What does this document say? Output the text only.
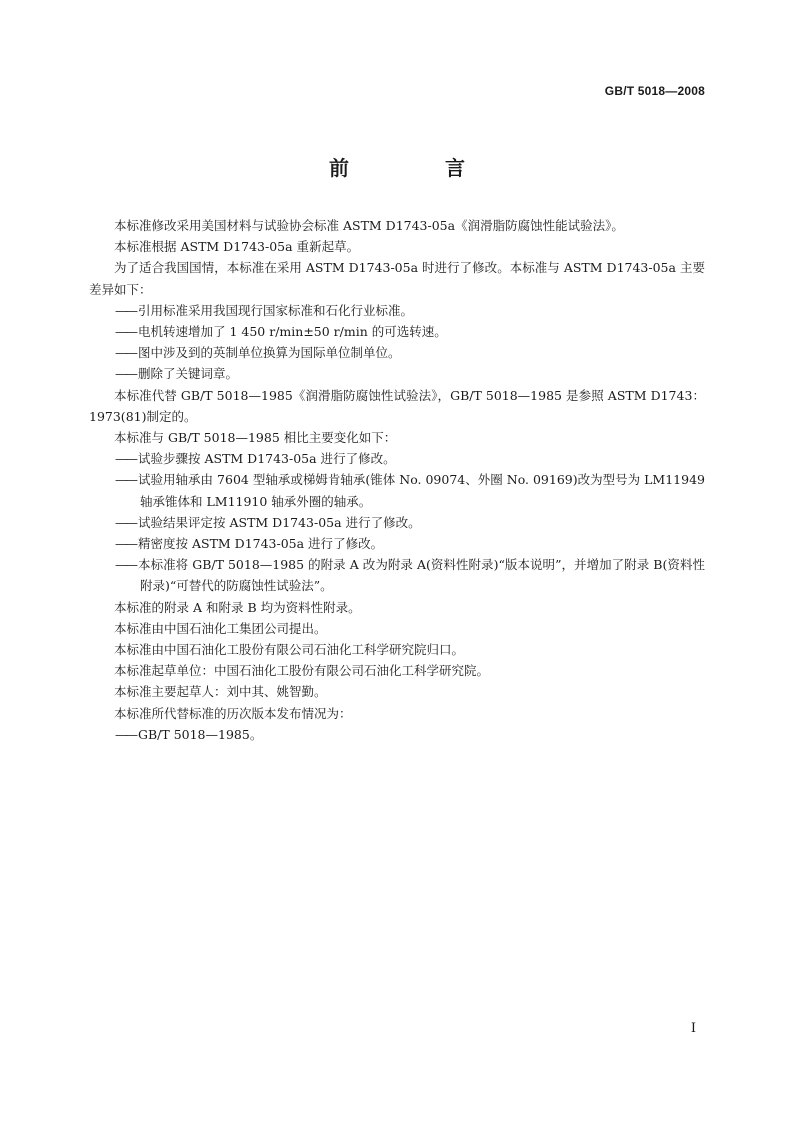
GB/T 5018—2008
前　言

本标准修改采用美国材料与试验协会标准 ASTM D1743-05a《润滑脂防腐蚀性能试验法》。

本标准根据 ASTM D1743-05a 重新起草。

为了适合我国国情，本标准在采用 ASTM D1743-05a 时进行了修改。本标准与 ASTM D1743-05a 主要差异如下：

—— 引用标准采用我国现行国家标准和石化行业标准。

—— 电机转速增加了 1 450 r/min±50 r/min 的可选转速。

—— 图中涉及到的英制单位换算为国际单位制单位。

—— 删除了关键词章。

本标准代替 GB/T 5018—1985《润滑脂防腐蚀性试验法》，GB/T 5018—1985 是参照 ASTM D1743：1973(81)制定的。

本标准与 GB/T 5018—1985 相比主要变化如下：

—— 试验步骤按 ASTM D1743-05a 进行了修改。

—— 试验用轴承由 7604 型轴承或梯姆肯轴承(锥体 No. 09074、外圈 No. 09169)改为型号为 LM11949 轴承锥体和 LM11910 轴承外圈的轴承。

—— 试验结果评定按 ASTM D1743-05a 进行了修改。

—— 精密度按 ASTM D1743-05a 进行了修改。

—— 本标准将 GB/T 5018—1985 的附录 A 改为附录 A(资料性附录)“版本说明”，并增加了附录 B(资料性附录)“可替代的防腐蚀性试验法”。

本标准的附录 A 和附录 B 均为资料性附录。

本标准由中国石油化工集团公司提出。

本标准由中国石油化工股份有限公司石油化工科学研究院归口。

本标准起草单位：中国石油化工股份有限公司石油化工科学研究院。

本标准主要起草人：刘中其、姚智勤。

本标准所代替标准的历次版本发布情况为：

—— GB/T 5018—1985。

I
